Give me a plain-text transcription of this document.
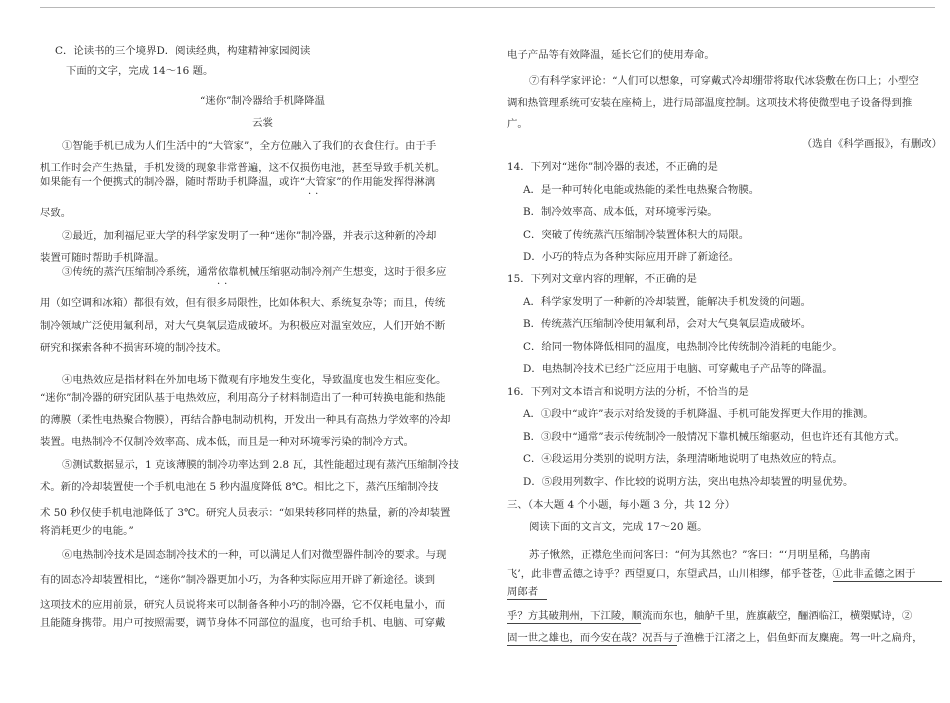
C．论读书的三个境界D．阅读经典，构建精神家园阅读
下面的文字，完成 14～16 题。
“迷你”制冷器给手机降降温
云裳
①智能手机已成为人们生活中的“大管家”，全方位融入了我们的衣食住行。由于手
机工作时会产生热量，手机发烫的现象非常普遍，这不仅损伤电池，甚至导致手机关机。
如果能有一个便携式的制冷器，随时帮助手机降温，或许“大管家”的作用能发挥得淋漓
··
尽致。
②最近，加利福尼亚大学的科学家发明了一种“迷你”制冷器，并表示这种新的冷却
装置可随时帮助手机降温。
③传统的蒸汽压缩制冷系统，通常依靠机械压缩驱动制冷剂产生想变，这时于很多应
··
用（如空调和冰箱）都很有效，但有很多局限性，比如体积大、系统复杂等；而且，传统
制冷领域广泛使用氟利昂，对大气臭氧层造成破坏。为积极应对温室效应，人们开始不断
研究和探索各种不损害环境的制冷技术。
④电热效应是指材料在外加电场下微观有序地发生变化，导致温度也发生相应变化。
“迷你”制冷器的研究团队基于电热效应，利用高分子材料制造出了一种可转换电能和热能
的薄膜（柔性电热聚合物膜），再结合静电制动机构，开发出一种具有高热力学效率的冷却
装置。电热制冷不仅制冷效率高、成本低，而且是一种对环境零污染的制冷方式。
⑤测试数据显示，1 克该薄膜的制冷功率达到 2.8 瓦，其性能超过现有蒸汽压缩制冷技
术。新的冷却装置使一个手机电池在 5 秒内温度降低 8℃。相比之下，蒸汽压缩制冷技
术 50 秒仅使手机电池降低了 3℃。研究人员表示：“如果转移同样的热量，新的冷却装置
将消耗更少的电能。”
⑥电热制冷技术是固态制冷技术的一种，可以满足人们对微型器件制冷的要求。与现
有的固态冷却装置相比，“迷你”制冷器更加小巧，为各种实际应用开辟了新途径。谈到
这项技术的应用前景，研究人员说将来可以制备各种小巧的制冷器，它不仅耗电量小，而
且能随身携带。用户可按照需要，调节身体不同部位的温度，也可给手机、电脑、可穿戴
电子产品等有效降温，延长它们的使用寿命。
⑦有科学家评论：“人们可以想象，可穿戴式冷却绷带将取代冰袋敷在伤口上；小型空
调和热管理系统可安装在座椅上，进行局部温度控制。这项技术将使微型电子设备得到推
广。
（选自《科学画报》，有删改）
14．下列对“迷你”制冷器的表述，不正确的是
A．是一种可转化电能或热能的柔性电热聚合物膜。
B．制冷效率高、成本低，对环境零污染。
C．突破了传统蒸汽压缩制冷装置体积大的局限。
D．小巧的特点为各种实际应用开辟了新途径。
15．下列对文章内容的理解，不正确的是
A．科学家发明了一种新的冷却装置，能解决手机发烫的问题。
B．传统蒸汽压缩制冷使用氟利昂，会对大气臭氧层造成破坏。
C．给同一物体降低相同的温度，电热制冷比传统制冷消耗的电能少。
D．电热制冷技术已经广泛应用于电脑、可穿戴电子产品等的降温。
16．下列对文本语言和说明方法的分析，不恰当的是
A．①段中“或许”表示对给发烫的手机降温、手机可能发挥更大作用的推测。
B．③段中“通常”表示传统制冷一般情况下靠机械压缩驱动，但也许还有其他方式。
C．④段运用分类别的说明方法，条理清晰地说明了电热效应的特点。
D．⑤段用列数字、作比较的说明方法，突出电热冷却装置的明显优势。
三、（本大题 4 个小题，每小题 3 分，共 12 分）
阅读下面的文言文，完成 17～20 题。
苏子愀然，正襟危坐而问客曰：“何为其然也？”客曰：“‘月明星稀，乌鹊南
飞’，此非曹孟德之诗乎？西望夏口，东望武昌，山川相缪，郁乎苍苍，①此非孟德之困于
周郎者
乎？方其破荆州，下江陵，顺流而东也，舳舻千里，旌旗蔽空，酾酒临江，横槊赋诗，②
固一世之雄也，而今安在哉？况吾与子渔樵于江渚之上，侣鱼虾而友麋鹿。驾一叶之扁舟，
